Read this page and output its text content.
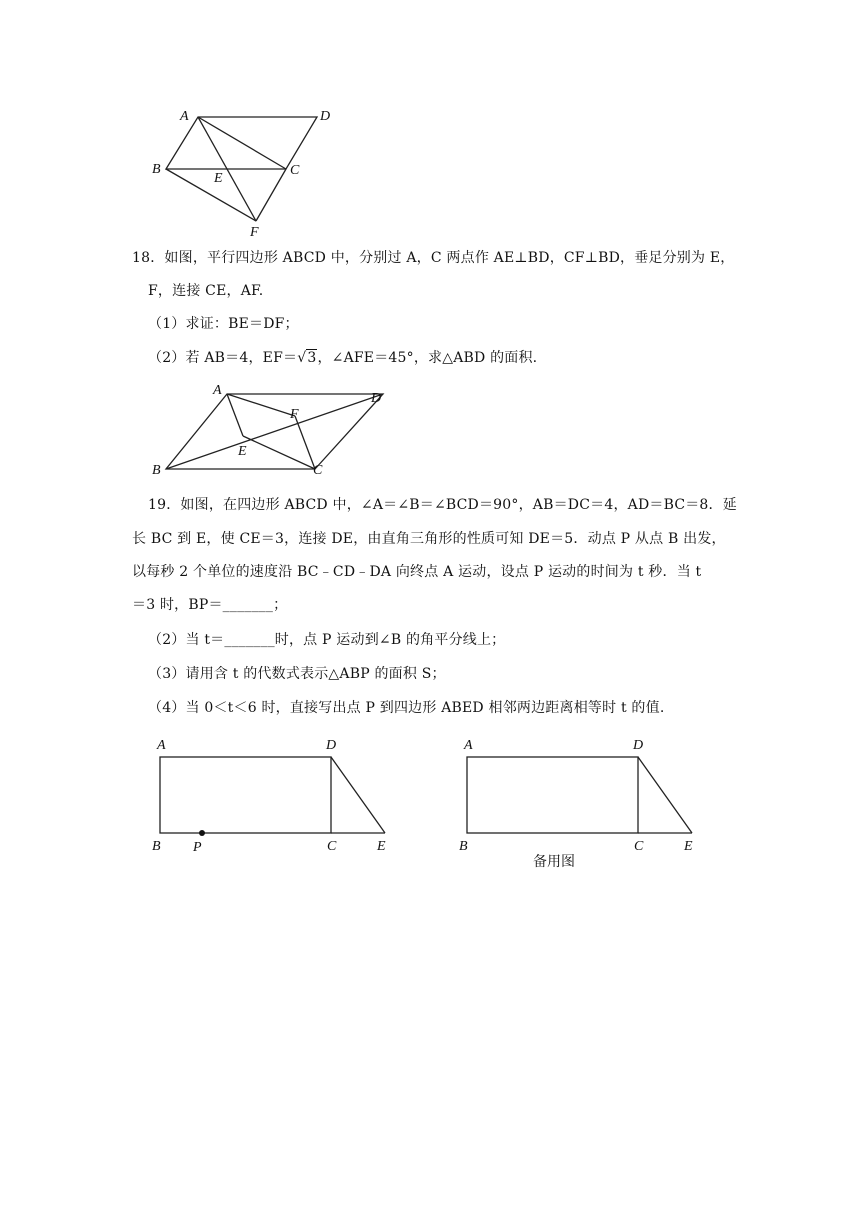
A	D
B	C
E
F
18．如图，平行四边形 ABCD 中，分别过 A，C 两点作 AE⊥BD，CF⊥BD，垂足分别为 E，
F，连接 CE，AF.
（1）求证：BE＝DF；
（2）若 AB＝4，EF＝√3，∠AFE＝45°，求△ABD 的面积.
A
D
B	C
E
F
19．如图，在四边形 ABCD 中，∠A＝∠B＝∠BCD＝90°，AB＝DC＝4，AD＝BC＝8．延
长 BC 到 E，使 CE＝3，连接 DE，由直角三角形的性质可知 DE＝5．动点 P 从点 B 出发，
以每秒 2 个单位的速度沿 BC﹣CD﹣DA 向终点 A 运动，设点 P 运动的时间为 t 秒．当 t
＝3 时，BP＝_______；
（2）当 t＝_______时，点 P 运动到∠B 的角平分线上；
（3）请用含 t 的代数式表示△ABP 的面积 S；
（4）当 0＜t＜6 时，直接写出点 P 到四边形 ABED 相邻两边距离相等时 t 的值.
A	D
B P	C	E
A	D
B	C	E
备用图
